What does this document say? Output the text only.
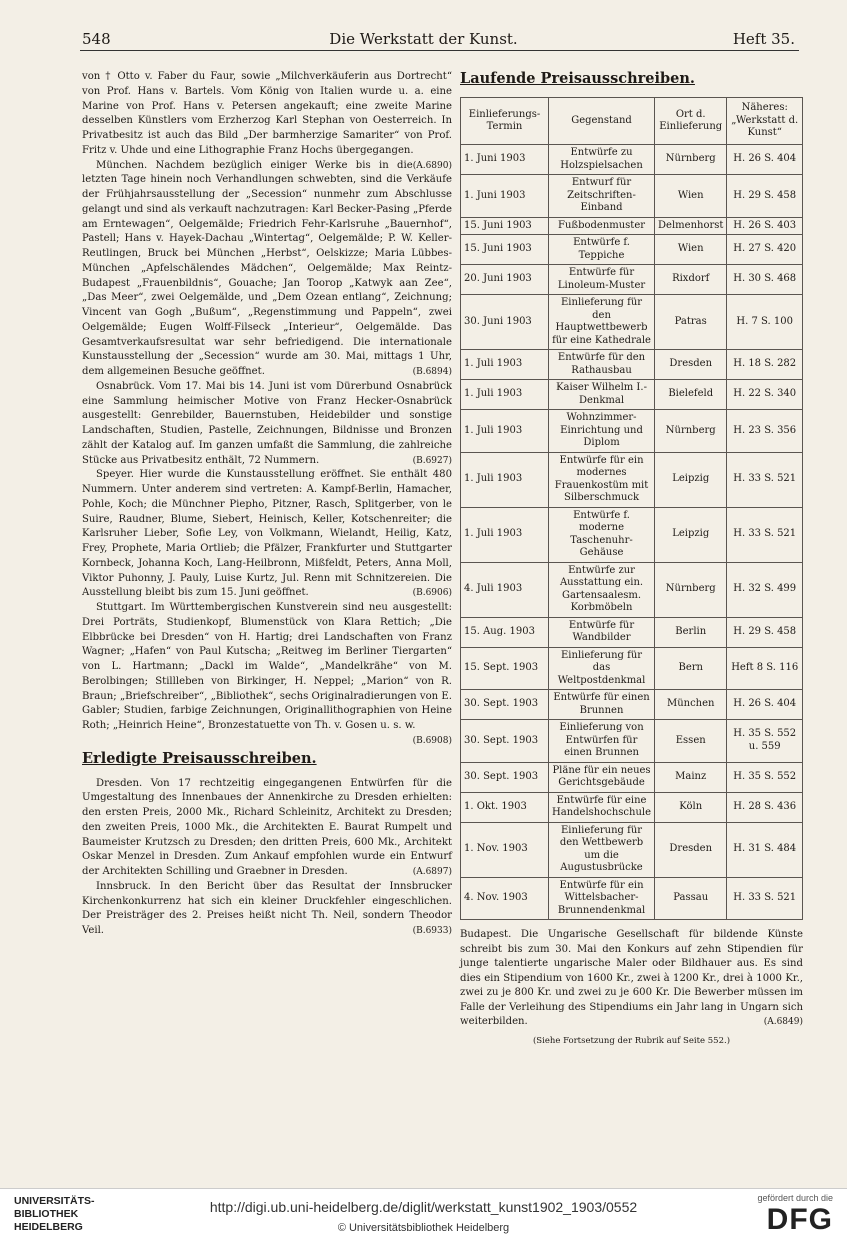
548	Die Werkstatt der Kunst.	Heft 35.

von † Otto v. Faber du Faur, sowie „Milchverkäuferin aus Dortrecht“ von Prof. Hans v. Bartels. Vom König von Italien wurde u. a. eine Marine von Prof. Hans v. Petersen angekauft; eine zweite Marine desselben Künstlers vom Erzherzog Karl Stephan von Oesterreich. In Privatbesitz ist auch das Bild „Der barmherzige Samariter“ von Prof. Fritz v. Uhde und eine Lithographie Franz Hochs übergegangen.
(A.6890)

München. Nachdem bezüglich einiger Werke bis in die letzten Tage hinein noch Verhandlungen schwebten, sind die Verkäufe der Frühjahrsausstellung der „Secession“ nunmehr zum Abschlusse gelangt und sind als verkauft nachzutragen: Karl Becker-Pasing „Pferde am Erntewagen“, Oelgemälde; Friedrich Fehr-Karlsruhe „Bauernhof“, Pastell; Hans v. Hayek-Dachau „Wintertag“, Oelgemälde; P. W. Keller-Reutlingen, Bruck bei München „Herbst“, Oelskizze; Maria Lübbes-München „Apfelschälendes Mädchen“, Oelgemälde; Max Reintz-Budapest „Frauenbildnis“, Gouache; Jan Toorop „Katwyk aan Zee“, „Das Meer“, zwei Oelgemälde, und „Dem Ozean entlang“, Zeichnung; Vincent van Gogh „Bußum“, „Regenstimmung und Pappeln“, zwei Oelgemälde; Eugen Wolff-Filseck „Interieur“, Oelgemälde. Das Gesamtverkaufsresultat war sehr befriedigend. Die internationale Kunstausstellung der „Secession“ wurde am 30. Mai, mittags 1 Uhr, dem allgemeinen Besuche geöffnet.	(B.6894)

Osnabrück. Vom 17. Mai bis 14. Juni ist vom Dürerbund Osnabrück eine Sammlung heimischer Motive von Franz Hecker-Osnabrück ausgestellt: Genrebilder, Bauernstuben, Heidebilder und sonstige Landschaften, Studien, Pastelle, Zeichnungen, Bildnisse und Bronzen zählt der Katalog auf. Im ganzen umfaßt die Sammlung, die zahlreiche Stücke aus Privatbesitz enthält, 72 Nummern.	(B.6927)

Speyer. Hier wurde die Kunstausstellung eröffnet. Sie enthält 480 Nummern. Unter anderem sind vertreten: A. Kampf-Berlin, Hamacher, Pohle, Koch; die Münchner Piepho, Pitzner, Rasch, Splitgerber, von le Suire, Raudner, Blume, Siebert, Heinisch, Keller, Kotschenreiter; die Karlsruher Lieber, Sofie Ley, von Volkmann, Wielandt, Heilig, Katz, Frey, Prophete, Maria Ortlieb; die Pfälzer, Frankfurter und Stuttgarter Kornbeck, Johanna Koch, Lang-Heilbronn, Mißfeldt, Peters, Anna Moll, Viktor Puhonny, J. Pauly, Luise Kurtz, Jul. Renn mit Schnitzereien. Die Ausstellung bleibt bis zum 15. Juni geöffnet.	(B.6906)

Stuttgart. Im Württembergischen Kunstverein sind neu ausgestellt: Drei Porträts, Studienkopf, Blumenstück von Klara Rettich; „Die Elbbrücke bei Dresden“ von H. Hartig; drei Landschaften von Franz Wagner; „Hafen“ von Paul Kutscha; „Reitweg im Berliner Tiergarten“ von L. Hartmann; „Dackl im Walde“, „Mandelkrähe“ von M. Berolbingen; Stillleben von Birkinger, H. Neppel; „Marion“ von R. Braun; „Briefschreiber“, „Bibliothek“, sechs Originalradierungen von E. Gabler; Studien, farbige Zeichnungen, Originallithographien von Heine Roth; „Heinrich Heine“, Bronzestatuette von Th. v. Gosen u. s. w.
(B.6908)

Erledigte Preisausschreiben.

Dresden. Von 17 rechtzeitig eingegangenen Entwürfen für die Umgestaltung des Innenbaues der Annenkirche zu Dresden erhielten: den ersten Preis, 2000 Mk., Richard Schleinitz, Architekt zu Dresden; den zweiten Preis, 1000 Mk., die Architekten E. Baurat Rumpelt und Baumeister Krutzsch zu Dresden; den dritten Preis, 600 Mk., Architekt Oskar Menzel in Dresden. Zum Ankauf empfohlen wurde ein Entwurf der Architekten Schilling und Graebner in Dresden.	(A.6897)

Innsbruck. In den Bericht über das Resultat der Innsbrucker Kirchenkonkurrenz hat sich ein kleiner Druckfehler eingeschlichen. Der Preisträger des 2. Preises heißt nicht Th. Neil, sondern Theodor Veil.	(B.6933)

Laufende Preisausschreiben.
Einlieferungs-Termin	Gegenstand	Ort d. Einlieferung	Näheres: „Werkstatt d. Kunst“
1. Juni 1903	Entwürfe zu Holzspielsachen	Nürnberg	H. 26 S. 404
1. Juni 1903	Entwurf für Zeitschriften-Einband	Wien	H. 29 S. 458
15. Juni 1903	Fußbodenmuster	Delmenhorst	H. 26 S. 403
15. Juni 1903	Entwürfe f. Teppiche	Wien	H. 27 S. 420
20. Juni 1903	Entwürfe für Linoleum-Muster	Rixdorf	H. 30 S. 468
30. Juni 1903	Einlieferung für den Hauptwettbewerb für eine Kathedrale	Patras	H. 7 S. 100
1. Juli 1903	Entwürfe für den Rathausbau	Dresden	H. 18 S. 282
1. Juli 1903	Kaiser Wilhelm I.-Denkmal	Bielefeld	H. 22 S. 340
1. Juli 1903	Wohnzimmer-Einrichtung und Diplom	Nürnberg	H. 23 S. 356
1. Juli 1903	Entwürfe für ein modernes Frauenkostüm mit Silberschmuck	Leipzig	H. 33 S. 521
1. Juli 1903	Entwürfe f. moderne Taschenuhr-Gehäuse	Leipzig	H. 33 S. 521
4. Juli 1903	Entwürfe zur Ausstattung ein. Gartensaalesm. Korbmöbeln	Nürnberg	H. 32 S. 499
15. Aug. 1903	Entwürfe für Wandbilder	Berlin	H. 29 S. 458
15. Sept. 1903	Einlieferung für das Weltpostdenkmal	Bern	Heft 8 S. 116
30. Sept. 1903	Entwürfe für einen Brunnen	München	H. 26 S. 404
30. Sept. 1903	Einlieferung von Entwürfen für einen Brunnen	Essen	H. 35 S. 552 u. 559
30. Sept. 1903	Pläne für ein neues Gerichtsgebäude	Mainz	H. 35 S. 552
1. Okt. 1903	Entwürfe für eine Handelshochschule	Köln	H. 28 S. 436
1. Nov. 1903	Einlieferung für den Wettbewerb um die Augustusbrücke	Dresden	H. 31 S. 484
4. Nov. 1903	Entwürfe für ein Wittelsbacher-Brunnendenkmal	Passau	H. 33 S. 521

Budapest. Die Ungarische Gesellschaft für bildende Künste schreibt bis zum 30. Mai den Konkurs auf zehn Stipendien für junge talentierte ungarische Maler oder Bildhauer aus. Es sind dies ein Stipendium von 1600 Kr., zwei à 1200 Kr., drei à 1000 Kr., zwei zu je 800 Kr. und zwei zu je 600 Kr. Die Bewerber müssen im Falle der Verleihung des Stipendiums ein Jahr lang in Ungarn sich weiterbilden.	(A.6849)

(Siehe Fortsetzung der Rubrik auf Seite 552.)
UNIVERSITÄTS-
BIBLIOTHEK
HEIDELBERG
http://digi.ub.uni-heidelberg.de/diglit/werkstatt_kunst1902_1903/0552
© Universitätsbibliothek Heidelberg
gefördert durch die
DFG
